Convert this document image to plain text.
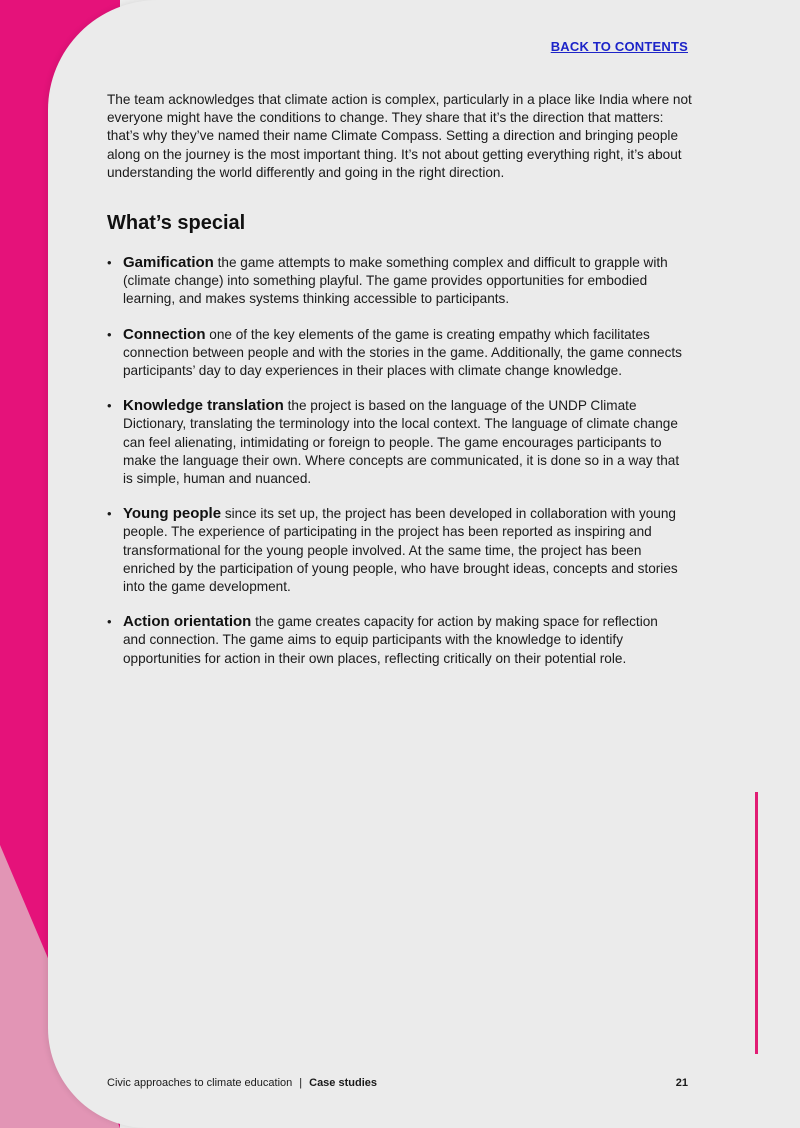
BACK TO CONTENTS

The team acknowledges that climate action is complex, particularly in a place like India where not everyone might have the conditions to change. They share that it’s the direction that matters: that’s why they’ve named their name Climate Compass. Setting a direction and bringing people along on the journey is the most important thing. It’s not about getting everything right, it’s about understanding the world differently and going in the right direction.

What’s special
• Gamification the game attempts to make something complex and difficult to grapple with (climate change) into something playful. The game provides opportunities for embodied learning, and makes systems thinking accessible to participants.
• Connection one of the key elements of the game is creating empathy which facilitates connection between people and with the stories in the game. Additionally, the game connects participants’ day to day experiences in their places with climate change knowledge.
• Knowledge translation the project is based on the language of the UNDP Climate Dictionary, translating the terminology into the local context. The language of climate change can feel alienating, intimidating or foreign to people. The game encourages participants to make the language their own. Where concepts are communicated, it is done so in a way that is simple, human and nuanced.
• Young people since its set up, the project has been developed in collaboration with young people. The experience of participating in the project has been reported as inspiring and transformational for the young people involved. At the same time, the project has been enriched by the participation of young people, who have brought ideas, concepts and stories into the game development.
• Action orientation the game creates capacity for action by making space for reflection and connection. The game aims to equip participants with the knowledge to identify opportunities for action in their own places, reflecting critically on their potential role.
Civic approaches to climate education | Case studies	21
